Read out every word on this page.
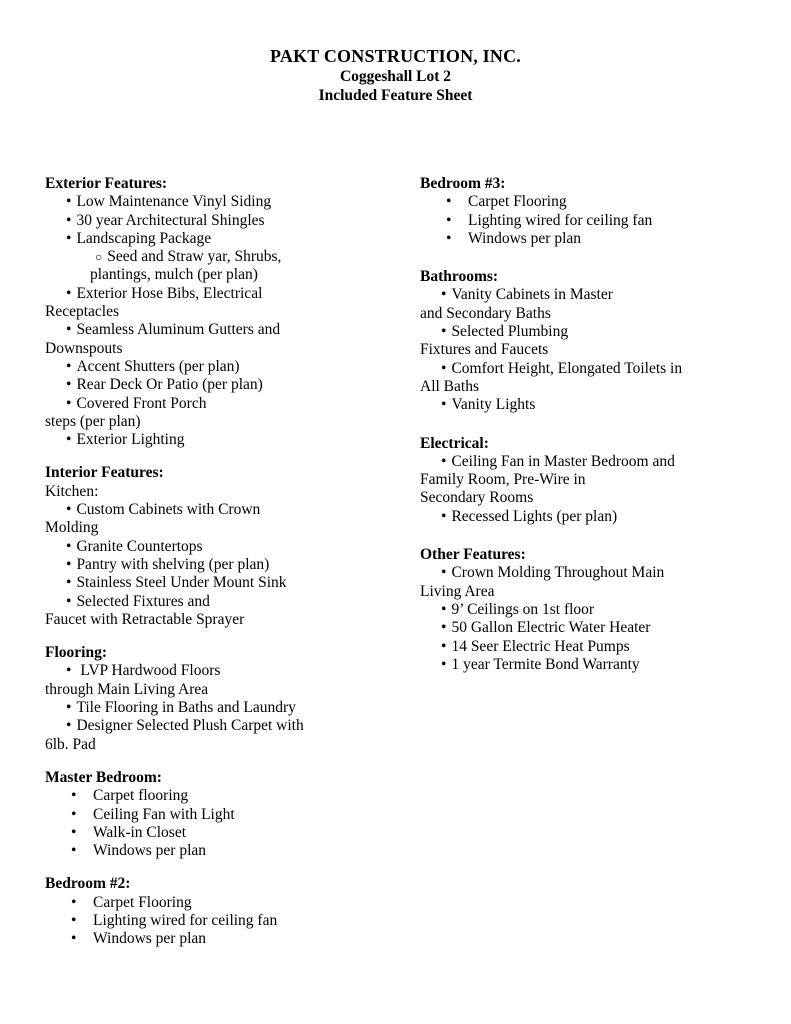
PAKT CONSTRUCTION, INC.
Coggeshall Lot 2
Included Feature Sheet
Exterior Features:
• Low Maintenance Vinyl Siding
• 30 year Architectural Shingles
• Landscaping Package
○ Seed and Straw yar, Shrubs,
plantings, mulch (per plan)
• Exterior Hose Bibs, Electrical
Receptacles
• Seamless Aluminum Gutters and
Downspouts
• Accent Shutters (per plan)
• Rear Deck Or Patio (per plan)
• Covered Front Porch
steps (per plan)
• Exterior Lighting
Interior Features:
Kitchen:
• Custom Cabinets with Crown
Molding
• Granite Countertops
• Pantry with shelving (per plan)
• Stainless Steel Under Mount Sink
• Selected Fixtures and
Faucet with Retractable Sprayer
Flooring:
• LVP Hardwood Floors
through Main Living Area
• Tile Flooring in Baths and Laundry
• Designer Selected Plush Carpet with
6lb. Pad
Master Bedroom:
• Carpet flooring
• Ceiling Fan with Light
• Walk-in Closet
• Windows per plan
Bedroom #2:
• Carpet Flooring
• Lighting wired for ceiling fan
• Windows per plan
Bedroom #3:
• Carpet Flooring
• Lighting wired for ceiling fan
• Windows per plan
Bathrooms:
• Vanity Cabinets in Master
and Secondary Baths
• Selected Plumbing
Fixtures and Faucets
• Comfort Height, Elongated Toilets in
All Baths
• Vanity Lights
Electrical:
• Ceiling Fan in Master Bedroom and
Family Room, Pre-Wire in
Secondary Rooms
• Recessed Lights (per plan)
Other Features:
• Crown Molding Throughout Main
Living Area
• 9’ Ceilings on 1st floor
• 50 Gallon Electric Water Heater
• 14 Seer Electric Heat Pumps
• 1 year Termite Bond Warranty
